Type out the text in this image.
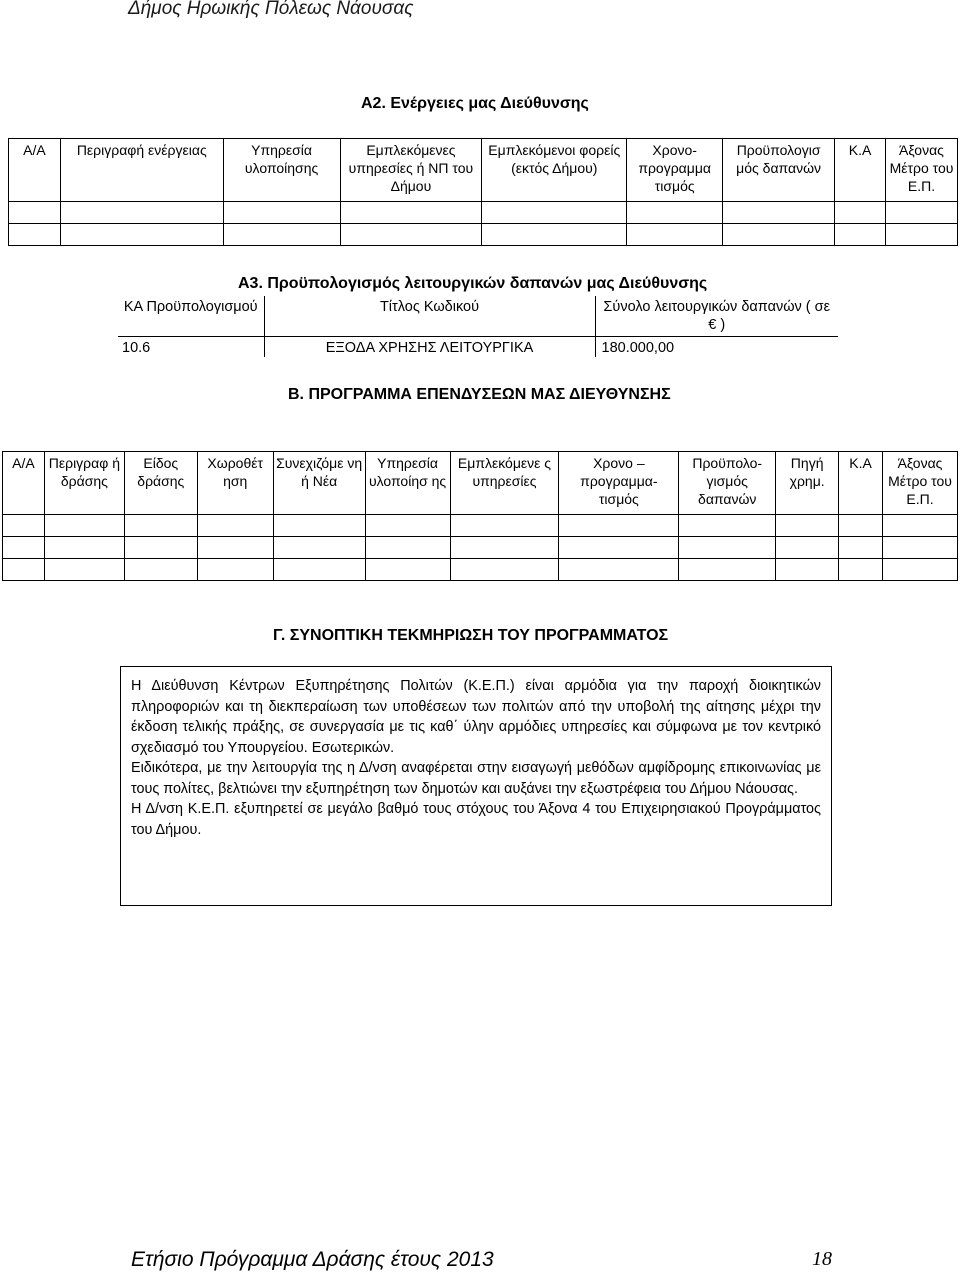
Δήμος Ηρωικής Πόλεως Νάουσας
Α2. Ενέργειες μας Διεύθυνσης
Α/Α	Περιγραφή ενέργειας	Υπηρεσία υλοποίησης	Εμπλεκόμενες υπηρεσίες ή ΝΠ του Δήμου	Εμπλεκόμενοι φορείς (εκτός Δήμου)	Χρονο-προγραμμα τισμός	Προϋπολογισ μός δαπανών	Κ.Α	Άξονας Μέτρο του Ε.Π.

Α3. Προϋπολογισμός λειτουργικών δαπανών μας Διεύθυνσης
ΚΑ Προϋπολογισμού	Τίτλος Κωδικού	Σύνολο λειτουργικών δαπανών ( σε € )
10.6	ΕΞΟΔΑ ΧΡΗΣΗΣ ΛΕΙΤΟΥΡΓΙΚΑ	180.000,00
Β. ΠΡΟΓΡΑΜΜΑ ΕΠΕΝΔΥΣΕΩΝ ΜΑΣ ΔΙΕΥΘΥΝΣΗΣ
Α/Α	Περιγραφ ή δράσης	Είδος δράσης	Χωροθέτ ηση	Συνεχιζόμε νη ή Νέα	Υπηρεσία υλοποίησ ης	Εμπλεκόμενε ς υπηρεσίες	Χρονο – προγραμμα-τισμός	Προϋπολο-γισμός δαπανών	Πηγή χρημ.	Κ.Α	Άξονας Μέτρο του Ε.Π.

Γ. ΣΥΝΟΠΤΙΚΗ ΤΕΚΜΗΡΙΩΣΗ ΤΟΥ ΠΡΟΓΡΑΜΜΑΤΟΣ

Η Διεύθυνση Κέντρων Εξυπηρέτησης Πολιτών (Κ.Ε.Π.) είναι αρμόδια για την παροχή διοικητικών πληροφοριών και τη διεκπεραίωση των υποθέσεων των πολιτών από την υποβολή της αίτησης μέχρι την έκδοση τελικής πράξης, σε συνεργασία με τις καθ΄ ύλην αρμόδιες υπηρεσίες και σύμφωνα με τον κεντρικό σχεδιασμό του Υπουργείου. Εσωτερικών.

Ειδικότερα, με την λειτουργία της η Δ/νση αναφέρεται στην εισαγωγή μεθόδων αμφίδρομης επικοινωνίας με τους πολίτες, βελτιώνει την εξυπηρέτηση των δημοτών και αυξάνει την εξωστρέφεια του Δήμου Νάουσας.

Η Δ/νση Κ.Ε.Π. εξυπηρετεί σε μεγάλο βαθμό τους στόχους του Άξονα 4 του Επιχειρησιακού Προγράμματος του Δήμου.

Ετήσιο Πρόγραμμα Δράσης έτους 2013	18
